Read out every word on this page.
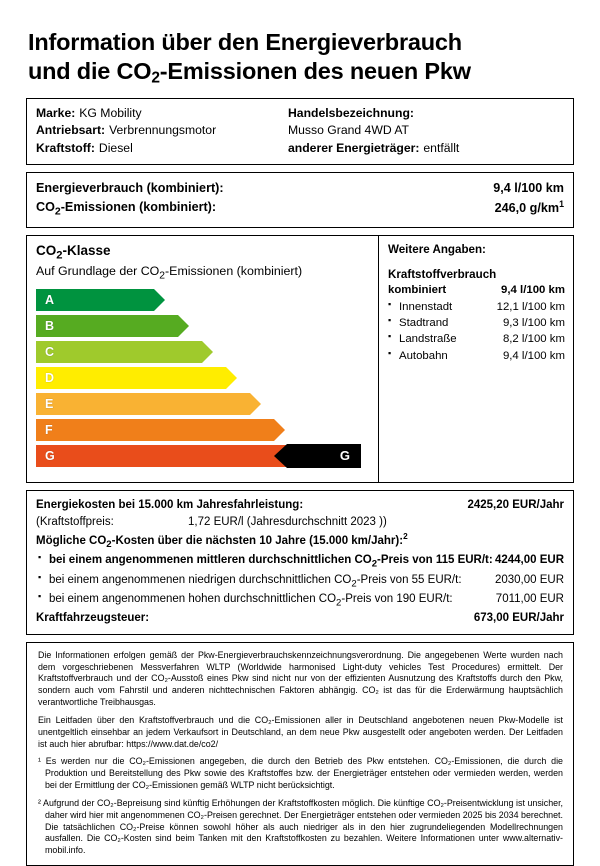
Information über den Energieverbrauch
und die $CO_2$-Emissionen des neuen Pkw
Marke: KG Mobility
Antriebsart: Verbrennungsmotor
Kraftstoff: Diesel
Handelsbezeichnung:
Musso Grand 4WD AT
anderer Energieträger: entfällt
Energieverbrauch (kombiniert):	9,4 l/100 km
$CO_2$-Emissionen (kombiniert):	246,0 $g/km^1$
$CO_2$-Klasse
Auf Grundlage der $CO_2$-Emissionen (kombiniert)
A
B
C
D
E
F
G	G
Weitere Angaben:
Kraftstoffverbrauch
kombiniert	9,4 l/100 km
▪ Innenstadt	12,1 l/100 km
▪ Stadtrand	9,3 l/100 km
▪ Landstraße	8,2 l/100 km
▪ Autobahn	9,4 l/100 km
Energiekosten bei 15.000 km Jahresfahrleistung:	2425,20 EUR/Jahr
(Kraftstoffpreis:	1,72 EUR/l (Jahresdurchschnitt 2023 ))
Mögliche $CO_2$-Kosten über die nächsten 10 Jahre (15.000 km/Jahr):$^2$
▪ bei einem angenommenen mittleren durchschnittlichen $CO_2$-Preis von 115 EUR/t: 4244,00 EUR
▪ bei einem angenommenen niedrigen durchschnittlichen $CO_2$-Preis von 55 EUR/t:	2030,00 EUR
▪ bei einem angenommenen hohen durchschnittlichen $CO_2$-Preis von 190 EUR/t:	7011,00 EUR
Kraftfahrzeugsteuer:	673,00 EUR/Jahr

Die Informationen erfolgen gemäß der Pkw-Energieverbrauchskennzeichnungsverordnung. Die angegebenen Werte wurden nach dem vorgeschriebenen Messverfahren WLTP (Worldwide harmonised Light-duty vehicles Test Procedures) ermittelt. Der Kraftstoffverbrauch und der CO₂-Ausstoß eines Pkw sind nicht nur von der effizienten Ausnutzung des Kraftstoffs durch den Pkw, sondern auch vom Fahrstil und anderen nichttechnischen Faktoren abhängig. CO₂ ist das für die Erderwärmung hauptsächlich verantwortliche Treibhausgas.

Ein Leitfaden über den Kraftstoffverbrauch und die CO₂-Emissionen aller in Deutschland angebotenen neuen Pkw-Modelle ist unentgeltlich einsehbar an jedem Verkaufsort in Deutschland, an dem neue Pkw ausgestellt oder angeboten werden. Der Leitfaden ist auch hier abrufbar: https://www.dat.de/co2/

¹ Es werden nur die CO₂-Emissionen angegeben, die durch den Betrieb des Pkw entstehen. CO₂-Emissionen, die durch die Produktion und Bereitstellung des Pkw sowie des Kraftstoffes bzw. der Energieträger entstehen oder vermieden werden, werden bei der Ermittlung der CO₂-Emissionen gemäß WLTP nicht berücksichtigt.

² Aufgrund der CO₂-Bepreisung sind künftig Erhöhungen der Kraftstoffkosten möglich. Die künftige CO₂-Preisentwicklung ist unsicher, daher wird hier mit angenommenen CO₂-Preisen gerechnet. Der Energieträger entstehen oder vermieden 2025 bis 2034 berechnet. Die tatsächlichen CO₂-Preise können sowohl höher als auch niedriger als in den hier zugrundeliegenden Modellrechnungen ausfallen. Die CO₂-Kosten sind beim Tanken mit den Kraftstoffkosten zu bezahlen. Weitere Informationen unter www.alternativ-mobil.info.
